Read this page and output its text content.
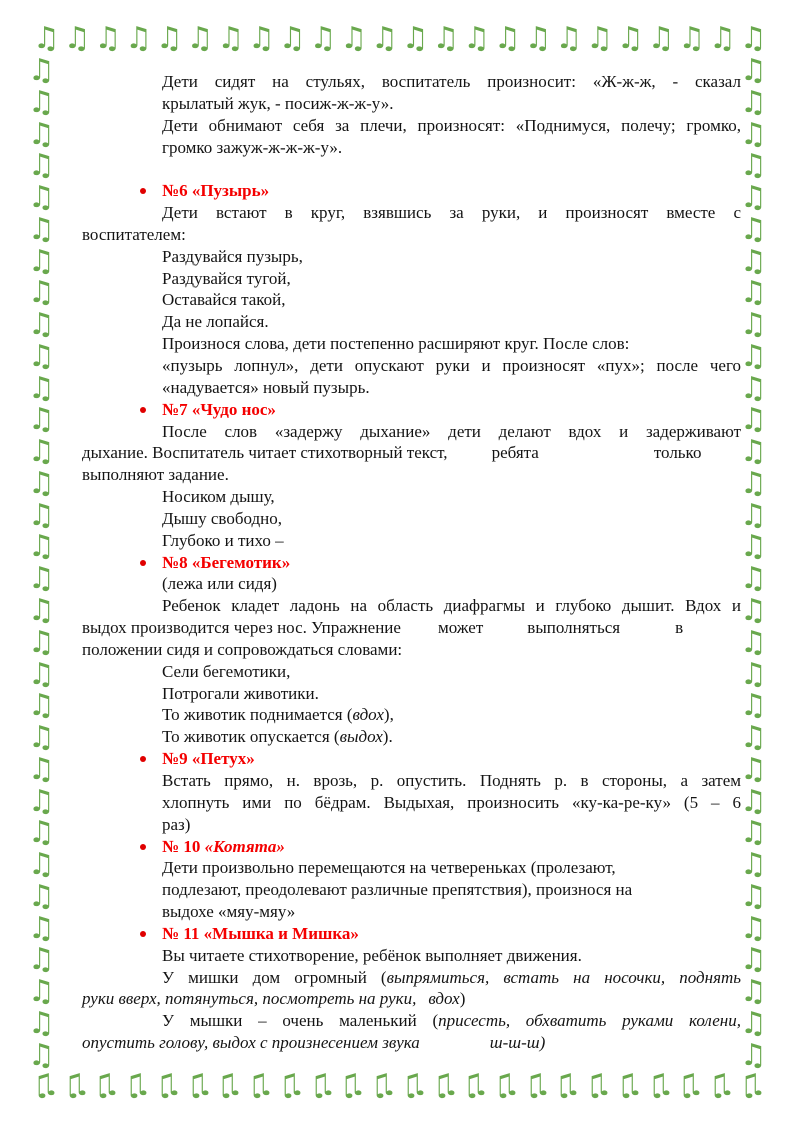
♫ ♫ ♫ ♫ ♫ ♫ ♫ ♫ ♫ ♫ ♫ ♫ ♫ ♫ ♫ ♫ ♫ ♫ ♫ ♫ ♫ ♫ ♫ ♫
♫ ♫ ♫ ♫ ♫ ♫ ♫ ♫ ♫ ♫ ♫ ♫ ♫ ♫ ♫ ♫ ♫ ♫ ♫ ♫ ♫ ♫ ♫ ♫
♫
♫
♫
♫
♫
♫
♫
♫
♫
♫
♫
♫
♫
♫
♫
♫
♫
♫
♫
♫
♫
♫
♫
♫
♫
♫
♫
♫
♫
♫
♫
♫
♫
♫
♫
♫
♫
♫
♫
♫
♫
♫
♫
♫
♫
♫
♫
♫
♫
♫
♫
♫
♫
♫
♫
♫
♫
♫
♫
♫
♫
♫
♫
♫
Дети сидят на стульях, воспитатель произносит: «Ж-ж-ж, - сказал
крылатый жук, - посиж-ж-ж-у».
Дети обнимают себя за плечи, произносят: «Поднимуся, полечу; громко,
громко зажуж-ж-ж-ж-у».
№6 «Пузырь»
Дети встают в круг, взявшись за руки, и произносят вместе с
воспитателем:
Раздувайся пузырь,
Раздувайся тугой,
Оставайся такой,
Да не лопайся.
Произнося слова, дети постепенно расширяют круг. После слов:
«пузырь лопнул», дети опускают руки и произносят «пух»; после чего
«надувается» новый пузырь.
№7 «Чудо нос»
После слов «задержу дыхание» дети делают вдох и задерживают
дыхание. Воспитатель читает стихотворный текст,	ребята	только
выполняют задание.
Носиком дышу,
Дышу свободно,
Глубоко и тихо –
№8 «Бегемотик»
(лежа или сидя)
Ребенок кладет ладонь на область диафрагмы и глубоко дышит. Вдох и
выдох производится через нос. Упражнение может	выполняться	в
положении сидя и сопровождаться словами:
Сели бегемотики,
Потрогали животики.
То животик поднимается (вдох),
То животик опускается (выдох).
№9 «Петух»
Встать прямо, н. врозь, р. опустить. Поднять р. в стороны, а затем
хлопнуть ими по бёдрам. Выдыхая, произносить «ку-ка-ре-ку» (5 – 6
раз)
№ 10 «Котята»
Дети произвольно перемещаются на четвереньках (пролезают,
подлезают, преодолевают различные препятствия), произнося на
выдохе «мяу-мяу»
№ 11 «Мышка и Мишка»
Вы читаете стихотворение, ребёнок выполняет движения.
У мишки дом огромный (выпрямиться, встать на носочки, поднять
руки вверх, потянуться, посмотреть на руки, вдох)
У мышки – очень маленький (присесть, обхватить руками колени,
опустить голову, выдох с произнесением звука	ш-ш-ш)
